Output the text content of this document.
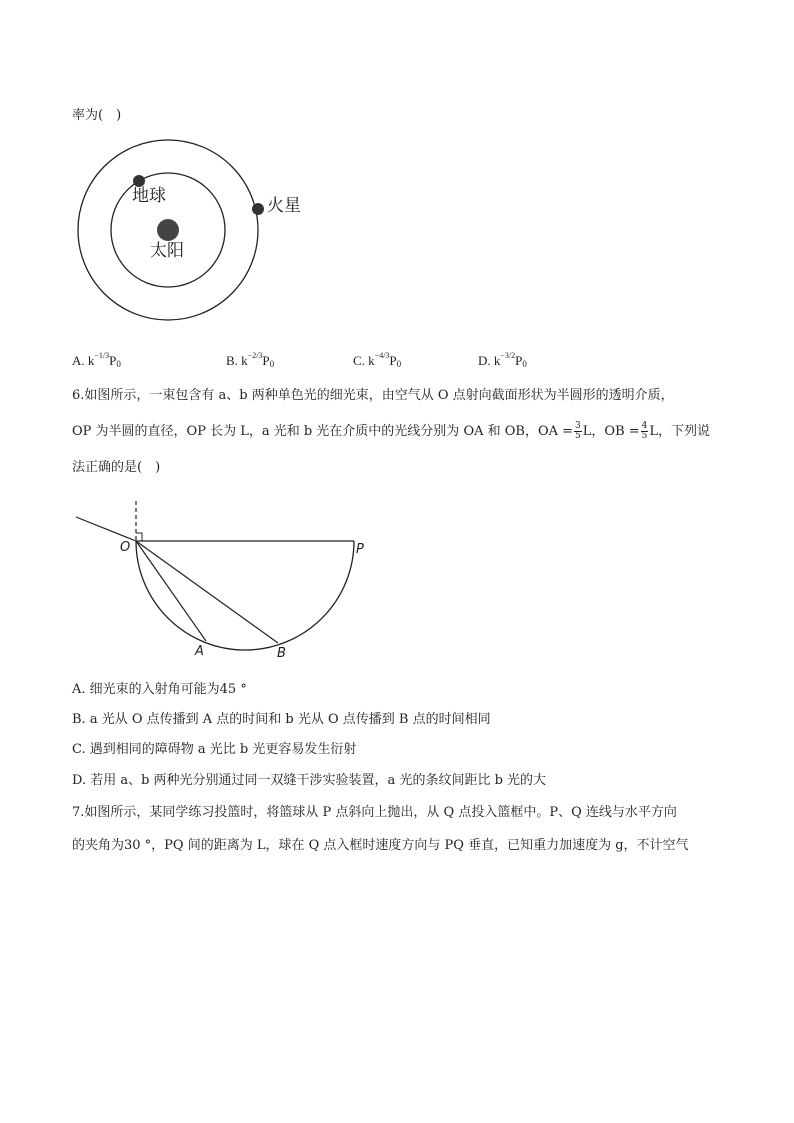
率为(　)
地球	火星
太阳
A. $k^{-1/3}P0$	B. $k^{-2/3}P0$	C. $k^{-4/3}P0$	D. $k^{-3/2}P0$
6.如图所示，一束包含有 a、b 两种单色光的细光束，由空气从 O 点射向截面形状为半圆形的透明介质，
OP 为半圆的直径，OP 长为 L，a 光和 b 光在介质中的光线分别为 OA 和 OB，OA = $\frac{3}{5}$ L，OB = $\frac{4}{5}$ L，下列说
法正确的是(　)
O	P
A	B
A. 细光束的入射角可能为45 °
B. a 光从 O 点传播到 A 点的时间和 b 光从 O 点传播到 B 点的时间相同
C. 遇到相同的障碍物 a 光比 b 光更容易发生衍射
D. 若用 a、b 两种光分别通过同一双缝干涉实验装置，a 光的条纹间距比 b 光的大
7.如图所示，某同学练习投篮时，将篮球从 P 点斜向上抛出，从 Q 点投入篮框中。P、Q 连线与水平方向
的夹角为30 °，PQ 间的距离为 L，球在 Q 点入框时速度方向与 PQ 垂直，已知重力加速度为 g，不计空气
